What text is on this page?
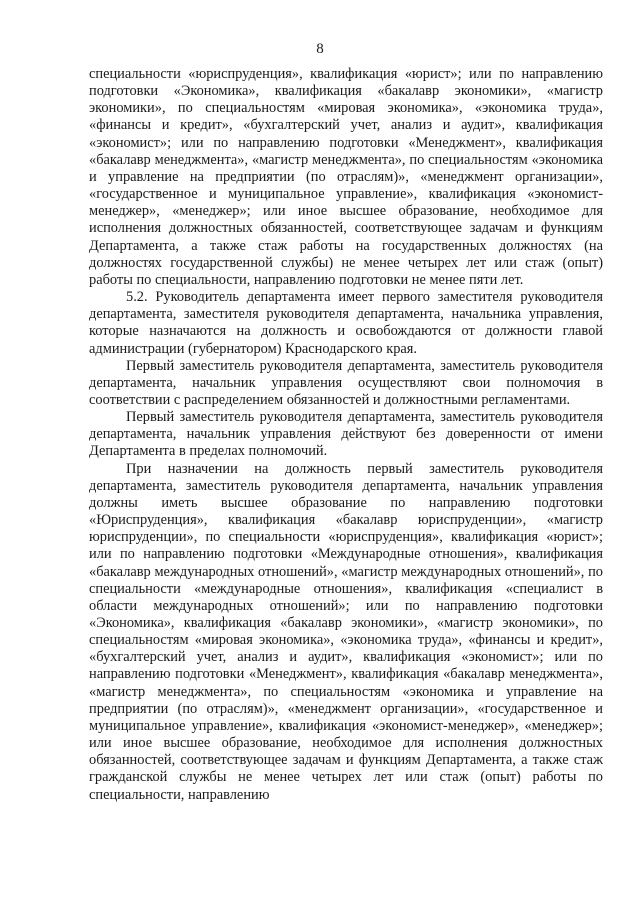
8

специальности «юриспруденция», квалификация «юрист»; или по направлению подготовки «Экономика», квалификация «бакалавр экономики», «магистр экономики», по специальностям «мировая экономика», «экономика труда», «финансы и кредит», «бухгалтерский учет, анализ и аудит», квалификация «экономист»; или по направлению подготовки «Менеджмент», квалификация «бакалавр менеджмента», «магистр менеджмента», по специальностям «экономика и управление на предприятии (по отраслям)», «менеджмент организации», «государственное и муниципальное управление», квалификация «экономист-менеджер», «менеджер»; или иное высшее образование, необходимое для исполнения должностных обязанностей, соответствующее задачам и функциям Департамента, а также стаж работы на государственных должностях (на должностях государственной службы) не менее четырех лет или стаж (опыт) работы по специальности, направлению подготовки не менее пяти лет.

5.2. Руководитель департамента имеет первого заместителя руководителя департамента, заместителя руководителя департамента, начальника управления, которые назначаются на должность и освобождаются от должности главой администрации (губернатором) Краснодарского края.

Первый заместитель руководителя департамента, заместитель руководителя департамента, начальник управления осуществляют свои полномочия в соответствии с распределением обязанностей и должностными регламентами.

Первый заместитель руководителя департамента, заместитель руководителя департамента, начальник управления действуют без доверенности от имени Департамента в пределах полномочий.

При назначении на должность первый заместитель руководителя департамента, заместитель руководителя департамента, начальник управления должны иметь высшее образование по направлению подготовки «Юриспруденция», квалификация «бакалавр юриспруденции», «магистр юриспруденции», по специальности «юриспруденция», квалификация «юрист»; или по направлению подготовки «Международные отношения», квалификация «бакалавр международных отношений», «магистр международных отношений», по специальности «международные отношения», квалификация «специалист в области международных отношений»; или по направлению подготовки «Экономика», квалификация «бакалавр экономики», «магистр экономики», по специальностям «мировая экономика», «экономика труда», «финансы и кредит», «бухгалтерский учет, анализ и аудит», квалификация «экономист»; или по направлению подготовки «Менеджмент», квалификация «бакалавр менеджмента», «магистр менеджмента», по специальностям «экономика и управление на предприятии (по отраслям)», «менеджмент организации», «государственное и муниципальное управление», квалификация «экономист-менеджер», «менеджер»; или иное высшее образование, необходимое для исполнения должностных обязанностей, соответствующее задачам и функциям Департамента, а также стаж гражданской службы не менее четырех лет или стаж (опыт) работы по специальности, направлению
